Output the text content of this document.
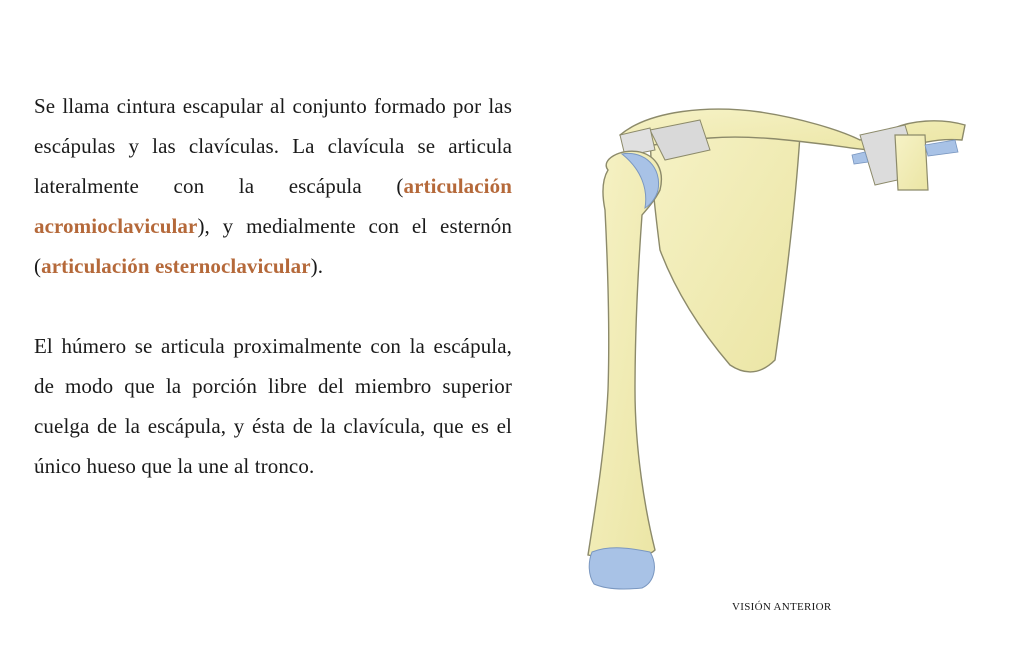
Se llama cintura escapular al conjunto formado por las escápulas y las clavículas. La clavícula se articula lateralmente con la escápula (articulación acromioclavicular), y medialmente con el esternón (articulación esternoclavicular).

El húmero se articula proximalmente con la escápula, de modo que la porción libre del miembro superior cuelga de la escápula, y ésta de la clavícula, que es el único hueso que la une al tronco.

VISIÓN ANTERIOR
